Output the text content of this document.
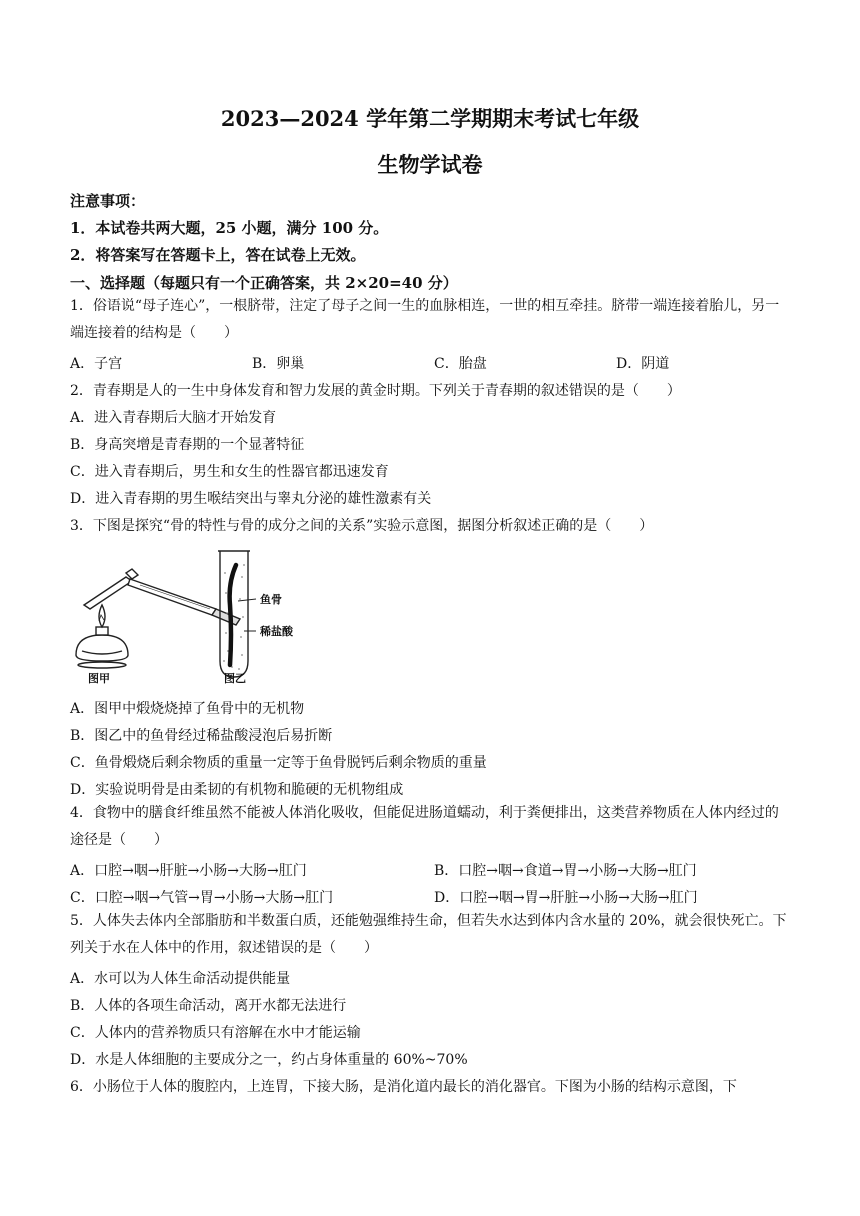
2023—2024 学年第二学期期末考试七年级
生物学试卷
注意事项：
1．本试卷共两大题，25 小题，满分 100 分。
2．将答案写在答题卡上，答在试卷上无效。
一、选择题（每题只有一个正确答案，共 2×20=40 分）
1．俗语说“母子连心”，一根脐带，注定了母子之间一生的血脉相连，一世的相互牵挂。脐带一端连接着胎儿，另一端连接着的结构是（　　）
A．子宫	B．卵巢	C．胎盘	D．阴道
2．青春期是人的一生中身体发育和智力发展的黄金时期。下列关于青春期的叙述错误的是（　　）
A．进入青春期后大脑才开始发育
B．身高突增是青春期的一个显著特征
C．进入青春期后，男生和女生的性器官都迅速发育
D．进入青春期的男生喉结突出与睾丸分泌的雄性激素有关
3．下图是探究“骨的特性与骨的成分之间的关系”实验示意图，据图分析叙述正确的是（　　）
鱼骨
稀盐酸
图甲	图乙
A．图甲中煅烧烧掉了鱼骨中的无机物
B．图乙中的鱼骨经过稀盐酸浸泡后易折断
C．鱼骨煅烧后剩余物质的重量一定等于鱼骨脱钙后剩余物质的重量
D．实验说明骨是由柔韧的有机物和脆硬的无机物组成
4．食物中的膳食纤维虽然不能被人体消化吸收，但能促进肠道蠕动，利于粪便排出，这类营养物质在人体内经过的途径是（　　）
A．口腔→咽→肝脏→小肠→大肠→肛门	B．口腔→咽→食道→胃→小肠→大肠→肛门
C．口腔→咽→气管→胃→小肠→大肠→肛门	D．口腔→咽→胃→肝脏→小肠→大肠→肛门
5．人体失去体内全部脂肪和半数蛋白质，还能勉强维持生命，但若失水达到体内含水量的 20%，就会很快死亡。下列关于水在人体中的作用，叙述错误的是（　　）
A．水可以为人体生命活动提供能量
B．人体的各项生命活动，离开水都无法进行
C．人体内的营养物质只有溶解在水中才能运输
D．水是人体细胞的主要成分之一，约占身体重量的 60%~70%
6．小肠位于人体的腹腔内，上连胃，下接大肠，是消化道内最长的消化器官。下图为小肠的结构示意图，下
